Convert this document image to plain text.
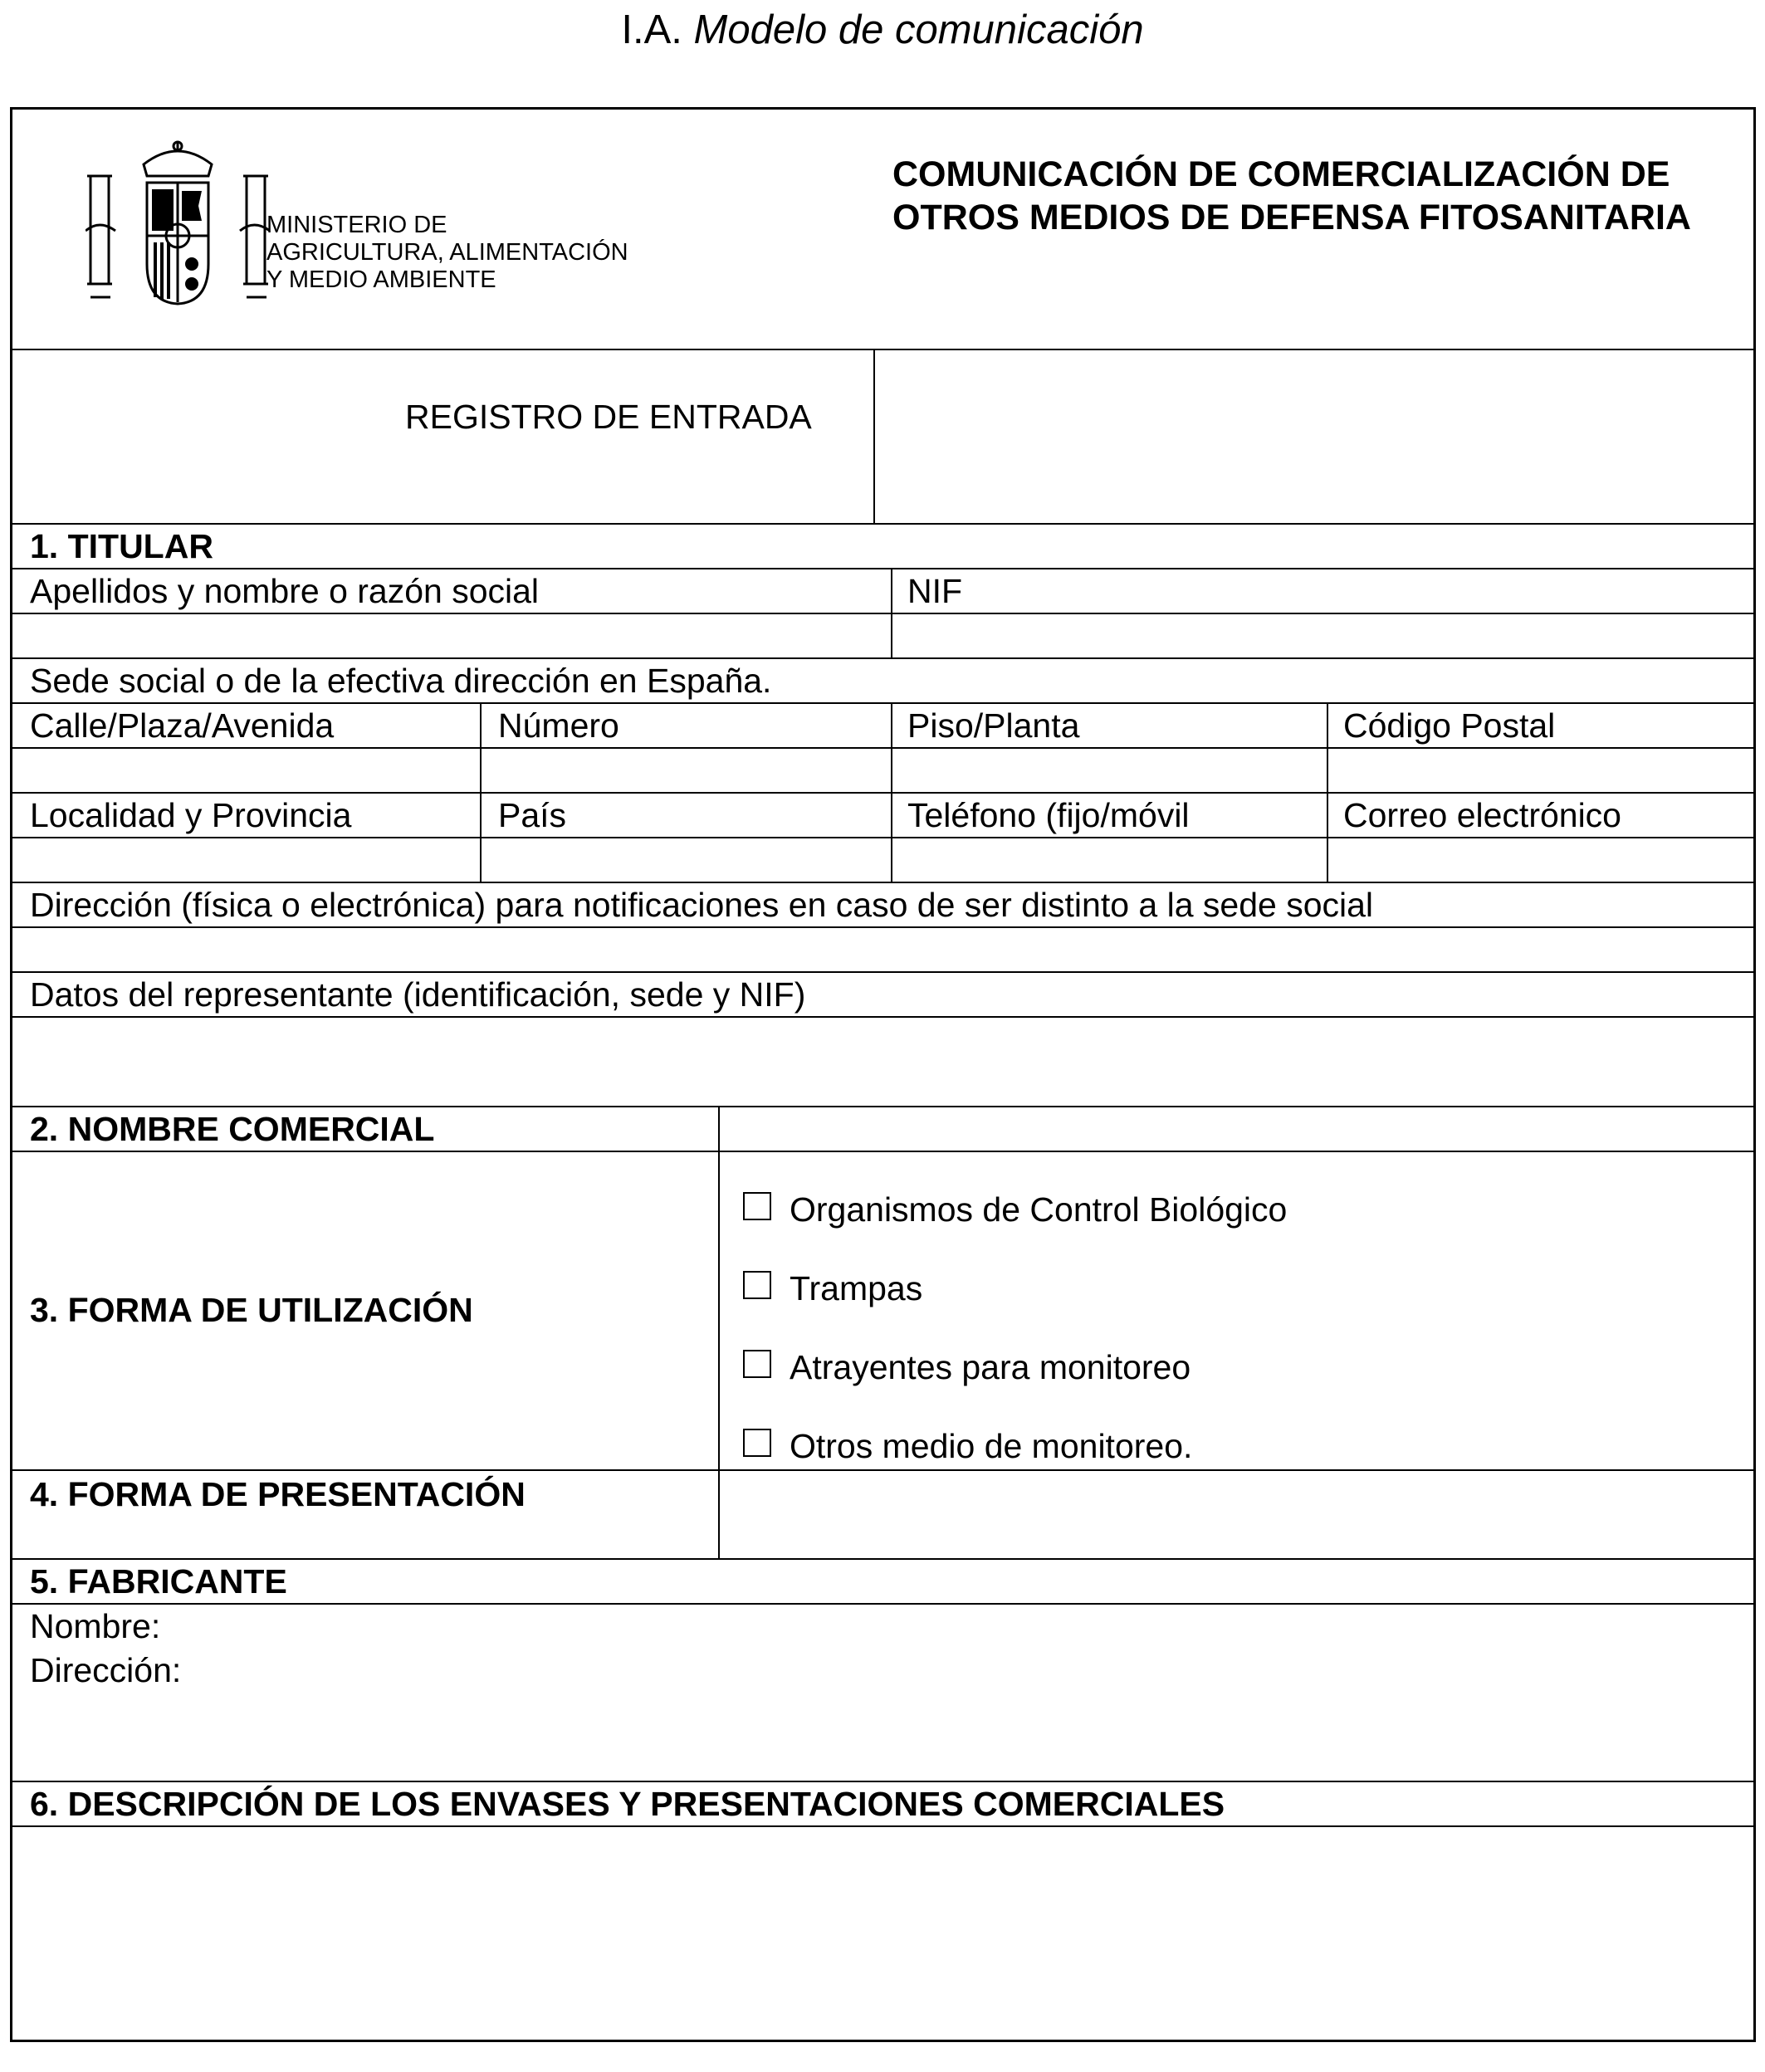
I.A. Modelo de comunicación
MINISTERIO DE
AGRICULTURA, ALIMENTACIÓN
Y MEDIO AMBIENTE
COMUNICACIÓN DE COMERCIALIZACIÓN DE
OTROS MEDIOS DE DEFENSA FITOSANITARIA
REGISTRO DE ENTRADA
1. TITULAR
Apellidos y nombre o razón social	NIF
Sede social o de la efectiva dirección en España.
Calle/Plaza/Avenida	Número	Piso/Planta	Código Postal
Localidad y Provincia	País	Teléfono (fijo/móvil	Correo electrónico
Dirección (física o electrónica) para notificaciones en caso de ser distinto a la sede social
Datos del representante (identificación, sede y NIF)
2. NOMBRE COMERCIAL
3. FORMA DE UTILIZACIÓN
Organismos de Control Biológico
Trampas
Atrayentes para monitoreo
Otros medio de monitoreo.
4. FORMA DE PRESENTACIÓN
5. FABRICANTE
Nombre:
Dirección:
6. DESCRIPCIÓN DE LOS ENVASES Y PRESENTACIONES COMERCIALES
